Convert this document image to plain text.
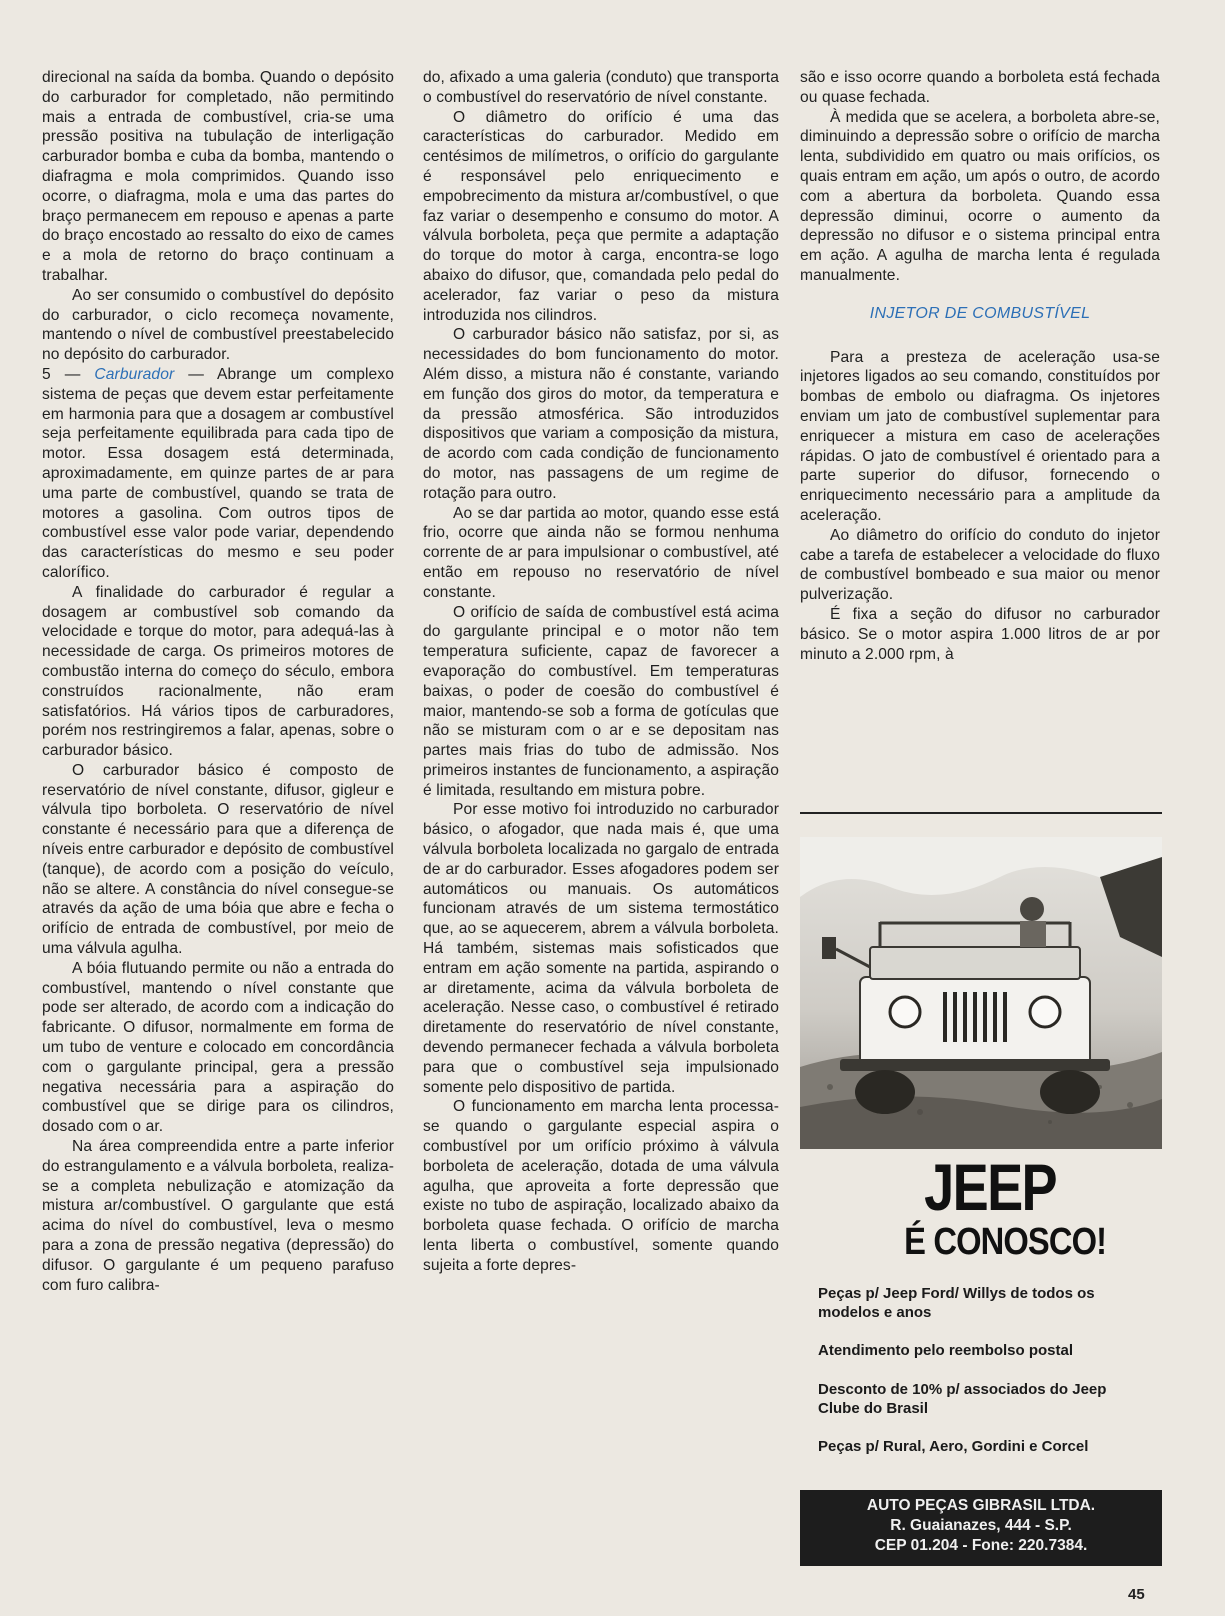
direcional na saída da bomba. Quando o depósito do carburador for completado, não permitindo mais a entrada de combustível, cria-se uma pressão positiva na tubulação de interligação carburador bomba e cuba da bomba, mantendo o diafragma e mola comprimidos. Quando isso ocorre, o diafragma, mola e uma das partes do braço permanecem em repouso e apenas a parte do braço encostado ao ressalto do eixo de cames e a mola de retorno do braço continuam a trabalhar.

Ao ser consumido o combustível do depósito do carburador, o ciclo recomeça novamente, mantendo o nível de combustível preestabelecido no depósito do carburador.

5 — Carburador — Abrange um complexo sistema de peças que devem estar perfeitamente em harmonia para que a dosagem ar combustível seja perfeitamente equilibrada para cada tipo de motor. Essa dosagem está determinada, aproximadamente, em quinze partes de ar para uma parte de combustível, quando se trata de motores a gasolina. Com outros tipos de combustível esse valor pode variar, dependendo das características do mesmo e seu poder calorífico.

A finalidade do carburador é regular a dosagem ar combustível sob comando da velocidade e torque do motor, para adequá-las à necessidade de carga. Os primeiros motores de combustão interna do começo do século, embora construídos racionalmente, não eram satisfatórios. Há vários tipos de carburadores, porém nos restringiremos a falar, apenas, sobre o carburador básico.

O carburador básico é composto de reservatório de nível constante, difusor, gigleur e válvula tipo borboleta. O reservatório de nível constante é necessário para que a diferença de níveis entre carburador e depósito de combustível (tanque), de acordo com a posição do veículo, não se altere. A constância do nível consegue-se através da ação de uma bóia que abre e fecha o orifício de entrada de combustível, por meio de uma válvula agulha.

A bóia flutuando permite ou não a entrada do combustível, mantendo o nível constante que pode ser alterado, de acordo com a indicação do fabricante. O difusor, normalmente em forma de um tubo de venture e colocado em concordância com o gargulante principal, gera a pressão negativa necessária para a aspiração do combustível que se dirige para os cilindros, dosado com o ar.

Na área compreendida entre a parte inferior do estrangulamento e a válvula borboleta, realiza-se a completa nebulização e atomização da mistura ar/combustível. O gargulante que está acima do nível do combustível, leva o mesmo para a zona de pressão negativa (depressão) do difusor. O gargulante é um pequeno parafuso com furo calibra-

do, afixado a uma galeria (conduto) que transporta o combustível do reservatório de nível constante.

O diâmetro do orifício é uma das características do carburador. Medido em centésimos de milímetros, o orifício do gargulante é responsável pelo enriquecimento e empobrecimento da mistura ar/combustível, o que faz variar o desempenho e consumo do motor. A válvula borboleta, peça que permite a adaptação do torque do motor à carga, encontra-se logo abaixo do difusor, que, comandada pelo pedal do acelerador, faz variar o peso da mistura introduzida nos cilindros.

O carburador básico não satisfaz, por si, as necessidades do bom funcionamento do motor. Além disso, a mistura não é constante, variando em função dos giros do motor, da temperatura e da pressão atmosférica. São introduzidos dispositivos que variam a composição da mistura, de acordo com cada condição de funcionamento do motor, nas passagens de um regime de rotação para outro.

Ao se dar partida ao motor, quando esse está frio, ocorre que ainda não se formou nenhuma corrente de ar para impulsionar o combustível, até então em repouso no reservatório de nível constante.

O orifício de saída de combustível está acima do gargulante principal e o motor não tem temperatura suficiente, capaz de favorecer a evaporação do combustível. Em temperaturas baixas, o poder de coesão do combustível é maior, mantendo-se sob a forma de gotículas que não se misturam com o ar e se depositam nas partes mais frias do tubo de admissão. Nos primeiros instantes de funcionamento, a aspiração é limitada, resultando em mistura pobre.

Por esse motivo foi introduzido no carburador básico, o afogador, que nada mais é, que uma válvula borboleta localizada no gargalo de entrada de ar do carburador. Esses afogadores podem ser automáticos ou manuais. Os automáticos funcionam através de um sistema termostático que, ao se aquecerem, abrem a válvula borboleta. Há também, sistemas mais sofisticados que entram em ação somente na partida, aspirando o ar diretamente, acima da válvula borboleta de aceleração. Nesse caso, o combustível é retirado diretamente do reservatório de nível constante, devendo permanecer fechada a válvula borboleta para que o combustível seja impulsionado somente pelo dispositivo de partida.

O funcionamento em marcha lenta processa-se quando o gargulante especial aspira o combustível por um orifício próximo à válvula borboleta de aceleração, dotada de uma válvula agulha, que aproveita a forte depressão que existe no tubo de aspiração, localizado abaixo da borboleta quase fechada. O orifício de marcha lenta liberta o combustível, somente quando sujeita a forte depres-

são e isso ocorre quando a borboleta está fechada ou quase fechada.

À medida que se acelera, a borboleta abre-se, diminuindo a depressão sobre o orifício de marcha lenta, subdividido em quatro ou mais orifícios, os quais entram em ação, um após o outro, de acordo com a abertura da borboleta. Quando essa depressão diminui, ocorre o aumento da depressão no difusor e o sistema principal entra em ação. A agulha de marcha lenta é regulada manualmente.

INJETOR DE COMBUSTÍVEL

Para a presteza de aceleração usa-se injetores ligados ao seu comando, constituídos por bombas de embolo ou diafragma. Os injetores enviam um jato de combustível suplementar para enriquecer a mistura em caso de acelerações rápidas. O jato de combustível é orientado para a parte superior do difusor, fornecendo o enriquecimento necessário para a amplitude da aceleração.

Ao diâmetro do orifício do conduto do injetor cabe a tarefa de estabelecer a velocidade do fluxo de combustível bombeado e sua maior ou menor pulverização.

É fixa a seção do difusor no carburador básico. Se o motor aspira 1.000 litros de ar por minuto a 2.000 rpm, à

JEEP
É CONOSCO!
Peças p/ Jeep Ford/ Willys de todos os modelos e anos
Atendimento pelo reembolso postal
Desconto de 10% p/ associados do Jeep Clube do Brasil
Peças p/ Rural, Aero, Gordini e Corcel
AUTO PEÇAS GIBRASIL LTDA.
R. Guaianazes, 444 - S.P.
CEP 01.204 - Fone: 220.7384.
45
